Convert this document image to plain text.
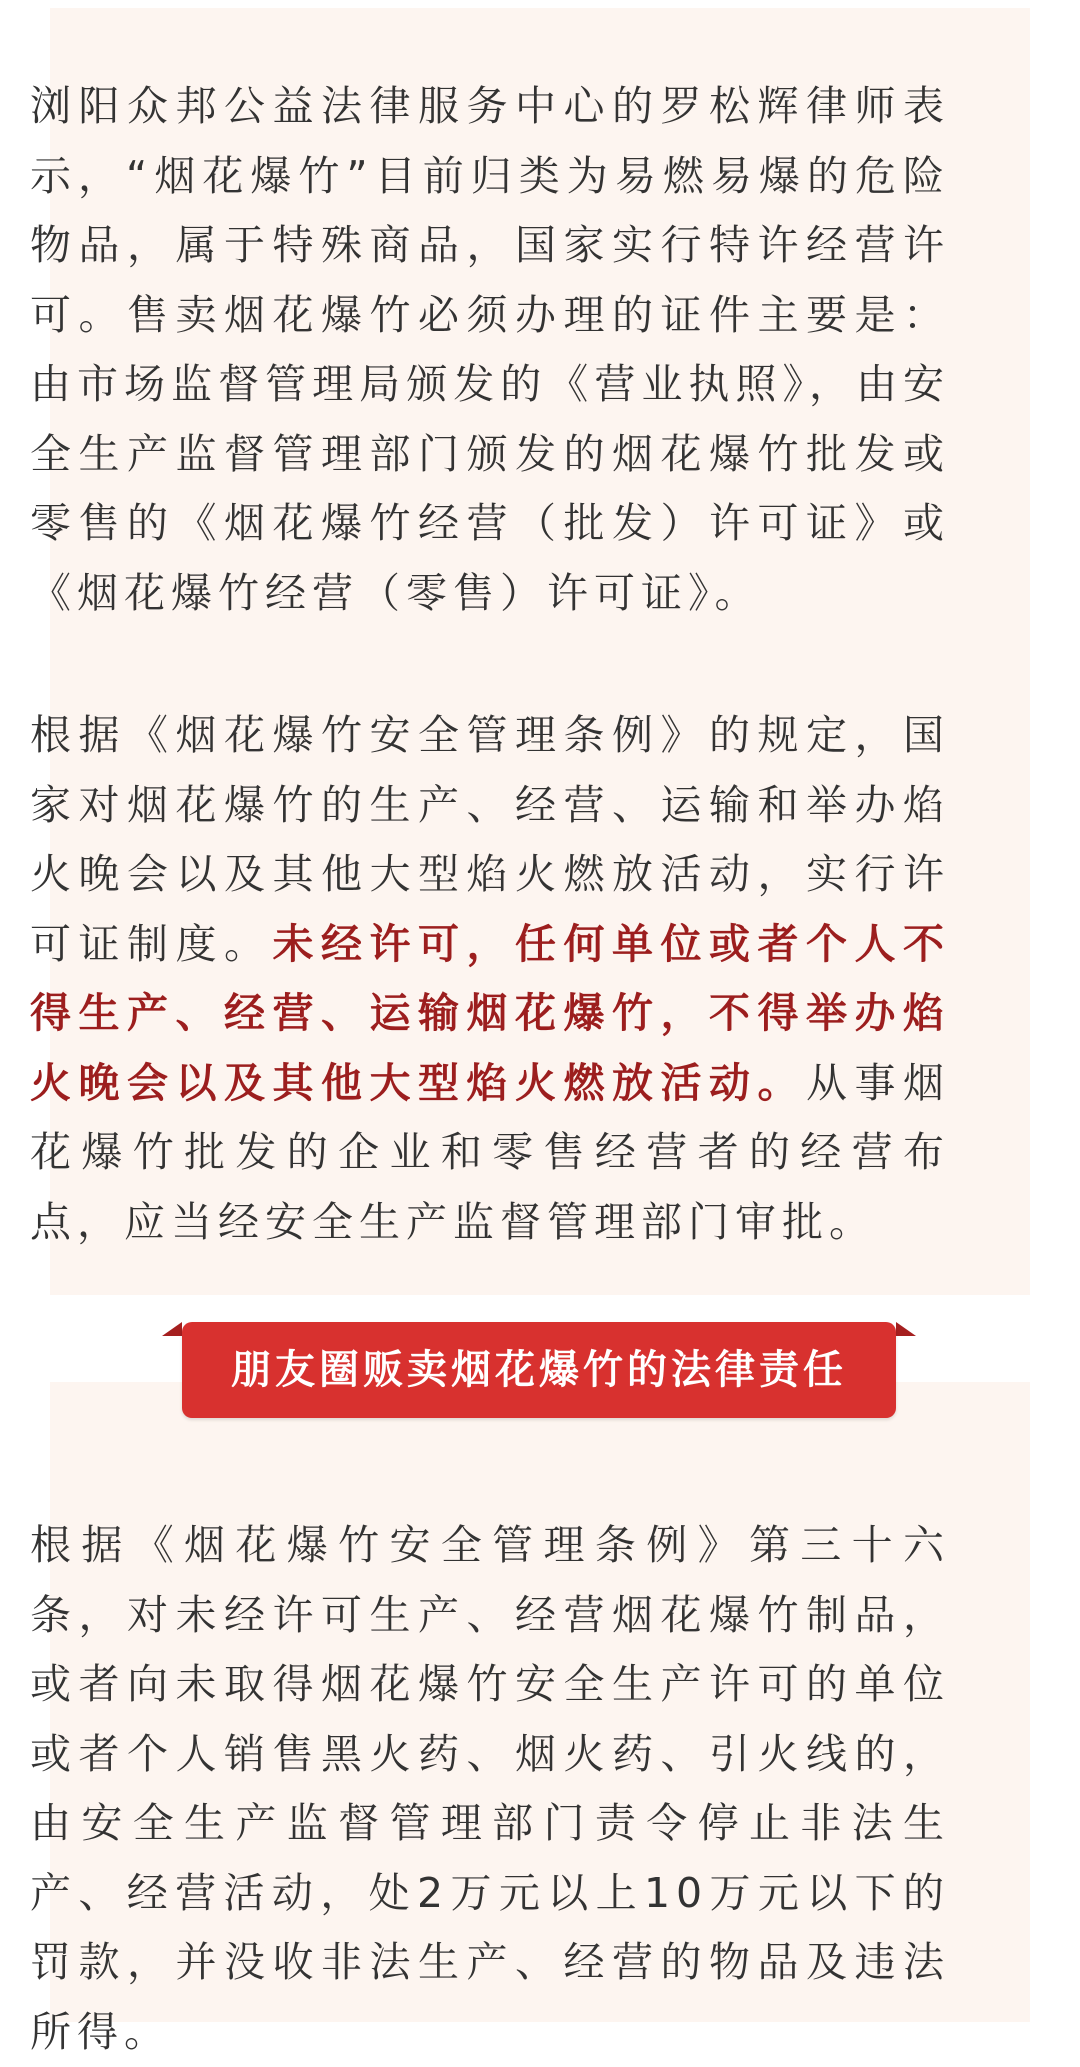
浏阳众邦公益法律服务中心的罗松辉律师表示，“烟花爆竹”目前归类为易燃易爆的危险物品，属于特殊商品，国家实行特许经营许可。售卖烟花爆竹必须办理的证件主要是：由市场监督管理局颁发的《营业执照》，由安全生产监督管理部门颁发的烟花爆竹批发或零售的《烟花爆竹经营（批发）许可证》或《烟花爆竹经营（零售）许可证》。

根据《烟花爆竹安全管理条例》的规定，国家对烟花爆竹的生产、经营、运输和举办焰火晚会以及其他大型焰火燃放活动，实行许可证制度。未经许可，任何单位或者个人不得生产、经营、运输烟花爆竹，不得举办焰火晚会以及其他大型焰火燃放活动。从事烟花爆竹批发的企业和零售经营者的经营布点，应当经安全生产监督管理部门审批。

朋友圈贩卖烟花爆竹的法律责任

根据《烟花爆竹安全管理条例》第三十六条，对未经许可生产、经营烟花爆竹制品，或者向未取得烟花爆竹安全生产许可的单位或者个人销售黑火药、烟火药、引火线的，由安全生产监督管理部门责令停止非法生产、经营活动，处2万元以上10万元以下的罚款，并没收非法生产、经营的物品及违法所得。
